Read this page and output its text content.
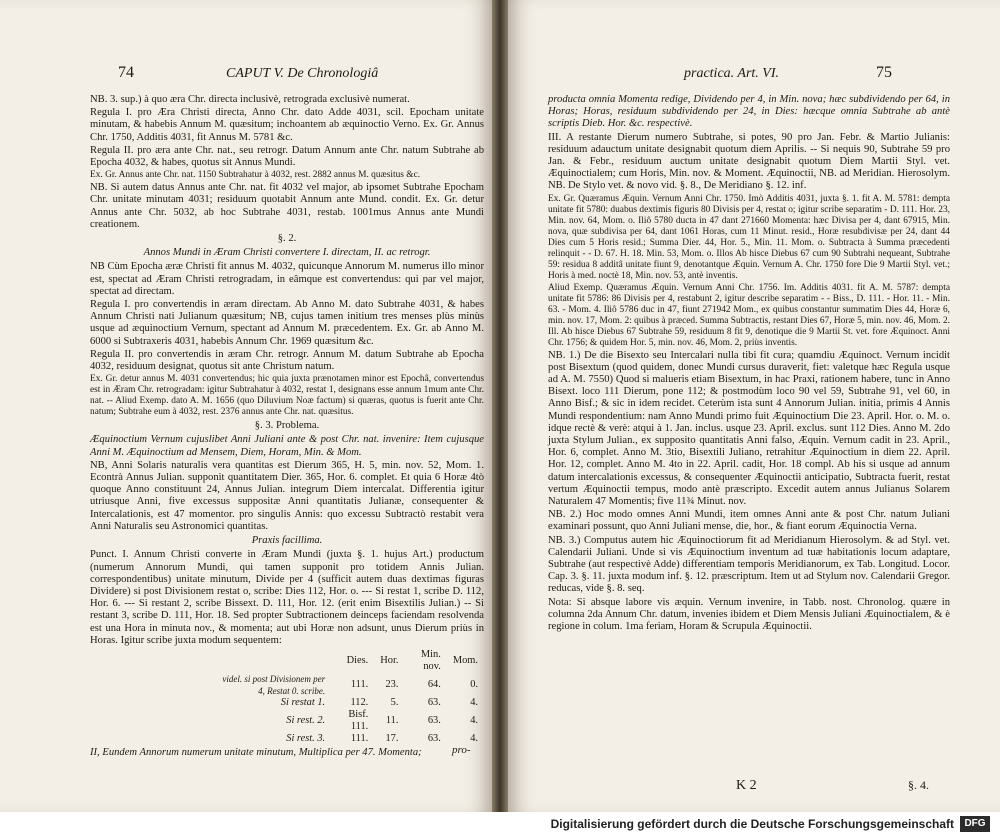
74	CAPUT V. De Chronologiâ

NB. 3. sup.) à quo æra Chr. directa inclusivè, retrograda exclusivè numerat.

Regula I. pro Æra Christi directa, Anno Chr. dato Adde 4031, scil. Epocham unitate minutam, & habebis Annum M. quæsitum; inchoantem ab æquinoctio Verno. Ex. Gr. Annus Chr. 1750, Additis 4031, fit Annus M. 5781 &c.

Regula II. pro æra ante Chr. nat., seu retrogr. Datum Annum ante Chr. natum Subtrahe ab Epocha 4032, & habes, quotus sit Annus Mundi.

Ex. Gr. Annus ante Chr. nat. 1150 Subtrahatur à 4032, rest. 2882 annus M. quæsitus &c.

NB. Si autem datus Annus ante Chr. nat. fit 4032 vel major, ab ipsomet Subtrahe Epocham Chr. unitate minutam 4031; residuum quotabit Annum ante Mund. condit. Ex. Gr. detur Annus ante Chr. 5032, ab hoc Subtrahe 4031, restab. 1001mus Annus ante Mundi creationem.

§. 2.

Annos Mundi in Æram Christi convertere I. directam, II. ac retrogr.

NB Cùm Epocha æræ Christi fit annus M. 4032, quicunque Annorum M. numerus illo minor est, spectat ad Æram Christi retrogradam, in eâmque est convertendus: qui par vel major, spectat ad directam.

Regula I. pro convertendis in æram directam. Ab Anno M. dato Subtrahe 4031, & habes Annum Christi nati Julianum quæsitum; NB, cujus tamen initium tres menses plùs minùs usque ad æquinoctium Vernum, spectant ad Annum M. præcedentem. Ex. Gr. ab Anno M. 6000 si Subtraxeris 4031, habebis Annum Chr. 1969 quæsitum &c.

Regula II. pro convertendis in æram Chr. retrogr. Annum M. datum Subtrahe ab Epocha 4032, residuum designat, quotus sit ante Christum natum.

Ex. Gr. detur annus M. 4031 convertendus; hic quia juxta prænotamen minor est Epochâ, convertendus est in Æram Chr. retrogradam: igitur Subtrahatur à 4032, restat 1, designans esse annum 1mum ante Chr. nat. -- Aliud Exemp. dato A. M. 1656 (quo Diluvium Noæ factum) si quæras, quotus is fuerit ante Chr. natum; Subtrahe eum à 4032, rest. 2376 annus ante Chr. nat. quæsitus.

§. 3. Problema.

Æquinoctium Vernum cujuslibet Anni Juliani ante & post Chr. nat. invenire: Item cujusque Anni M. Æquinoctium ad Mensem, Diem, Horam, Min. & Mom.

NB, Anni Solaris naturalis vera quantitas est Dierum 365, H. 5, min. nov. 52, Mom. 1. Econtrà Annus Julian. supponit quantitatem Dier. 365, Hor. 6. complet. Et quia 6 Horæ 4tò quoque Anno constituunt 24, Annus Julian. integrum Diem intercalat. Differentia igitur utriusque Anni, five excessus suppositæ Anni quantitatis Julianæ, consequenter & Intercalationis, est 47 momentor. pro singulis Annis: quo excessu Subtractò restabit vera Anni Naturalis seu Astronomici quantitas.

Praxis facillima.

Punct. I. Annum Christi converte in Æram Mundi (juxta §. 1. hujus Art.) productum (numerum Annorum Mundi, qui tamen supponit pro totidem Annis Julian. correspondentibus) unitate minutum, Divide per 4 (sufficit autem duas dextimas figuras Dividere) si post Divisionem restat o, scribe: Dies 112, Hor. o. --- Si restat 1, scribe D. 112, Hor. 6. --- Si restant 2, scribe Bissext. D. 111, Hor. 12. (erit enim Bisextilis Julian.) -- Si restant 3, scribe D. 111, Hor. 18. Sed propter Subtractionem deinceps faciendam resolvenda est una Hora in minuta nov., & momenta; aut ubi Horæ non adsunt, unus Dierum priùs in Horas. Igitur scribe juxta modum sequentem:

	Dies.	Hor.	Min. nov.	Mom.
videl. si post Divisionem per 4, Restat 0. scribe.	111.	23.	64.	0.
Si restat 1.	112.	5.	63.	4.
Si rest. 2.	Bisf. 111.	11.	63.	4.
Si rest. 3.	111.	17.	63.	4.

II, Eundem Annorum numerum unitate minutum, Multiplica per 47. Momenta;	pro-
practica. Art. VI.	75

producta omnia Momenta redige, Dividendo per 4, in Min. nova; hæc subdividendo per 64, in Horas; Horas, residuum subdividendo per 24, in Dies: hæcque omnia Subtrahe ab antè scriptis Dieb. Hor. &c. respectivè.

III. A restante Dierum numero Subtrahe, si potes, 90 pro Jan. Febr. & Martio Julianis: residuum adauctum unitate designabit quotum diem Aprilis. -- Si nequis 90, Subtrahe 59 pro Jan. & Febr., residuum auctum unitate designabit quotum Diem Martii Styl. vet. Æquinoctialem; cum Horis, Min. nov. & Moment. Æquinoctii, NB. ad Meridian. Hierosolym. NB. De Stylo vet. & novo vid. §. 8., De Meridiano §. 12. inf.

Ex. Gr. Quæramus Æquin. Vernum Anni Chr. 1750. Imò Additis 4031, juxta §. 1. fit A. M. 5781: dempta unitate fit 5780: duabus dextimis figuris 80 Divisis per 4, restat o; igitur scribe separatim - D. 111. Hor. 23, Min. nov. 64, Mom. o. Iliô 5780 ducta in 47 dant 271660 Momenta: hæc Divisa per 4, dant 67915, Min. nova, quæ subdivisa per 64, dant 1061 Horas, cum 11 Minut. resid., Horæ resubdivisæ per 24, dant 44 Dies cum 5 Horis resid.; Summa Dier. 44, Hor. 5., Min. 11. Mom. o. Subtracta à Summa præcedenti relinquit - - D. 67. H. 18. Min. 53, Mom. o. Illos Ab hisce Diebus 67 cum 90 Subtrahi nequeant, Subtrahe 59: residua 8 additâ unitate fiunt 9, denotantque Æquin. Vernum A. Chr. 1750 fore Die 9 Martii Styl. vet.; Horis à med. noctè 18, Min. nov. 53, antè inventis.

Aliud Exemp. Quæramus Æquin. Vernum Anni Chr. 1756. Im. Additis 4031. fit A. M. 5787: dempta unitate fit 5786: 86 Divisis per 4, restabunt 2, igitur describe separatim - - Biss., D. 111. - Hor. 11. - Min. 63. - Mom. 4. Iliô 5786 duc in 47, fiunt 271942 Mom., ex quibus constantur summatim Dies 44, Horæ 6, min. nov. 17, Mom. 2: quibus à præced. Summa Subtractis, restant Dies 67, Horæ 5, min. nov. 46, Mom. 2. Ill. Ab hisce Diebus 67 Subtrahe 59, residuum 8 fit 9, denotique die 9 Martii St. vet. fore Æquinoct. Anni Chr. 1756; & quidem Hor. 5, min. nov. 46, Mom. 2, priùs inventis.

NB. 1.) De die Bisexto seu Intercalari nulla tibi fit cura; quamdiu Æquinoct. Vernum incidit post Bisextum (quod quidem, donec Mundi cursus duraverit, fiet: valetque hæc Regula usque ad A. M. 7550) Quod si malueris etiam Bisextum, in hac Praxi, rationem habere, tunc in Anno Bisext. loco 111 Dierum, pone 112; & postmodùm loco 90 vel 59, Subtrahe 91, vel 60, in Anno Bisf.; & sic in idem recidet. Ceterùm ista sunt 4 Annorum Julian. initia, primis 4 Annis Mundi respondentium: nam Anno Mundi primo fuit Æquinoctium Die 23. April. Hor. o. M. o. idque rectè & verè: atqui à 1. Jan. inclus. usque 23. April. exclus. sunt 112 Dies. Anno M. 2do juxta Stylum Julian., ex supposito quantitatis Anni falso, Æquin. Vernum cadit in 23. April., Hor. 6, complet. Anno M. 3tio, Bisextili Juliano, retrahitur Æquinoctium in diem 22. April. Hor. 12, complet. Anno M. 4to in 22. April. cadit, Hor. 18 compl. Ab his si usque ad annum datum intercalationis excessus, & consequenter Æquinoctii anticipatio, Subtracta fuerit, restat vertum Æquinoctii tempus, modo antè præscripto. Excedit autem annus Julianus Solarem Naturalem 47 Momentis; five 11¾ Minut. nov.

NB. 2.) Hoc modo omnes Anni Mundi, item omnes Anni ante & post Chr. natum Juliani examinari possunt, quo Anni Juliani mense, die, hor., & fiant eorum Æquinoctia Verna.

NB. 3.) Computus autem hic Æquinoctiorum fit ad Meridianum Hierosolym. & ad Styl. vet. Calendarii Juliani. Unde si vis Æquinoctium inventum ad tuæ habitationis locum adaptare, Subtrahe (aut respectivè Adde) differentiam temporis Meridianorum, ex Tab. Longitud. Locor. Cap. 3. §. 11. juxta modum inf. §. 12. præscriptum. Item ut ad Stylum nov. Calendarii Gregor. reducas, vide §. 8. seq.

Nota: Si absque labore vis æquin. Vernum invenire, in Tabb. nost. Chronolog. quære in columna 2da Annum Chr. datum, invenies ibidem et Diem Mensis Juliani Æquinoctialem, & è regione in colum. 1ma feriam, Horam & Scrupula Æquinoctii.

K 2	§. 4.
Digitalisierung gefördert durch die Deutsche Forschungsgemeinschaft	DFG
